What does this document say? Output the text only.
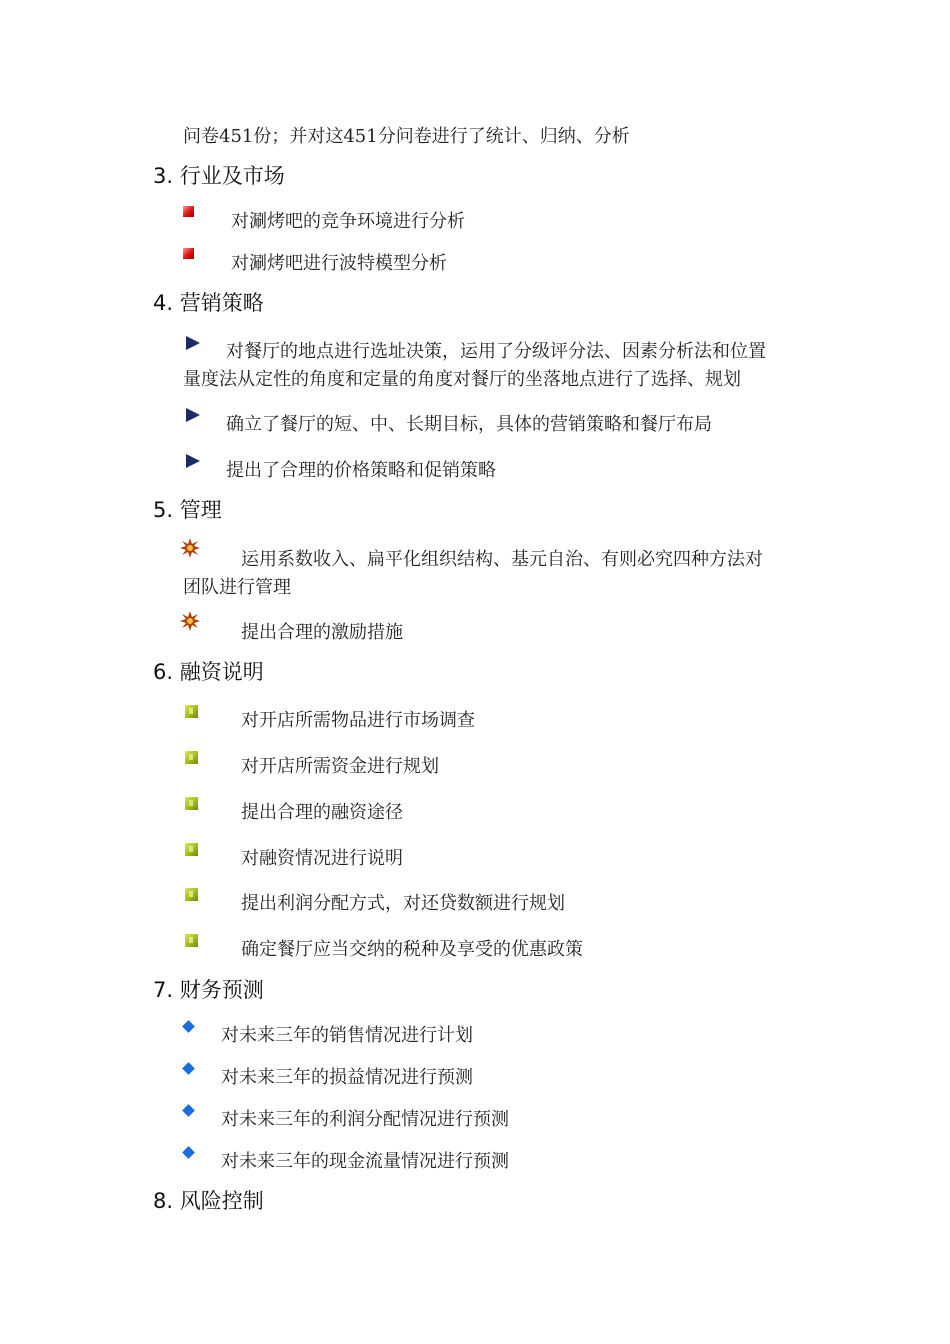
问卷451份；并对这451分问卷进行了统计、归纳、分析
3. 行业及市场
对涮烤吧的竞争环境进行分析
对涮烤吧进行波特模型分析
4. 营销策略
对餐厅的地点进行选址决策，运用了分级评分法、因素分析法和位置
量度法从定性的角度和定量的角度对餐厅的坐落地点进行了选择、规划
确立了餐厅的短、中、长期目标，具体的营销策略和餐厅布局
提出了合理的价格策略和促销策略
5. 管理
运用系数收入、扁平化组织结构、基元自治、有则必究四种方法对
团队进行管理
提出合理的激励措施
6. 融资说明
对开店所需物品进行市场调查
对开店所需资金进行规划
提出合理的融资途径
对融资情况进行说明
提出利润分配方式，对还贷数额进行规划
确定餐厅应当交纳的税种及享受的优惠政策
7. 财务预测
对未来三年的销售情况进行计划
对未来三年的损益情况进行预测
对未来三年的利润分配情况进行预测
对未来三年的现金流量情况进行预测
8. 风险控制
